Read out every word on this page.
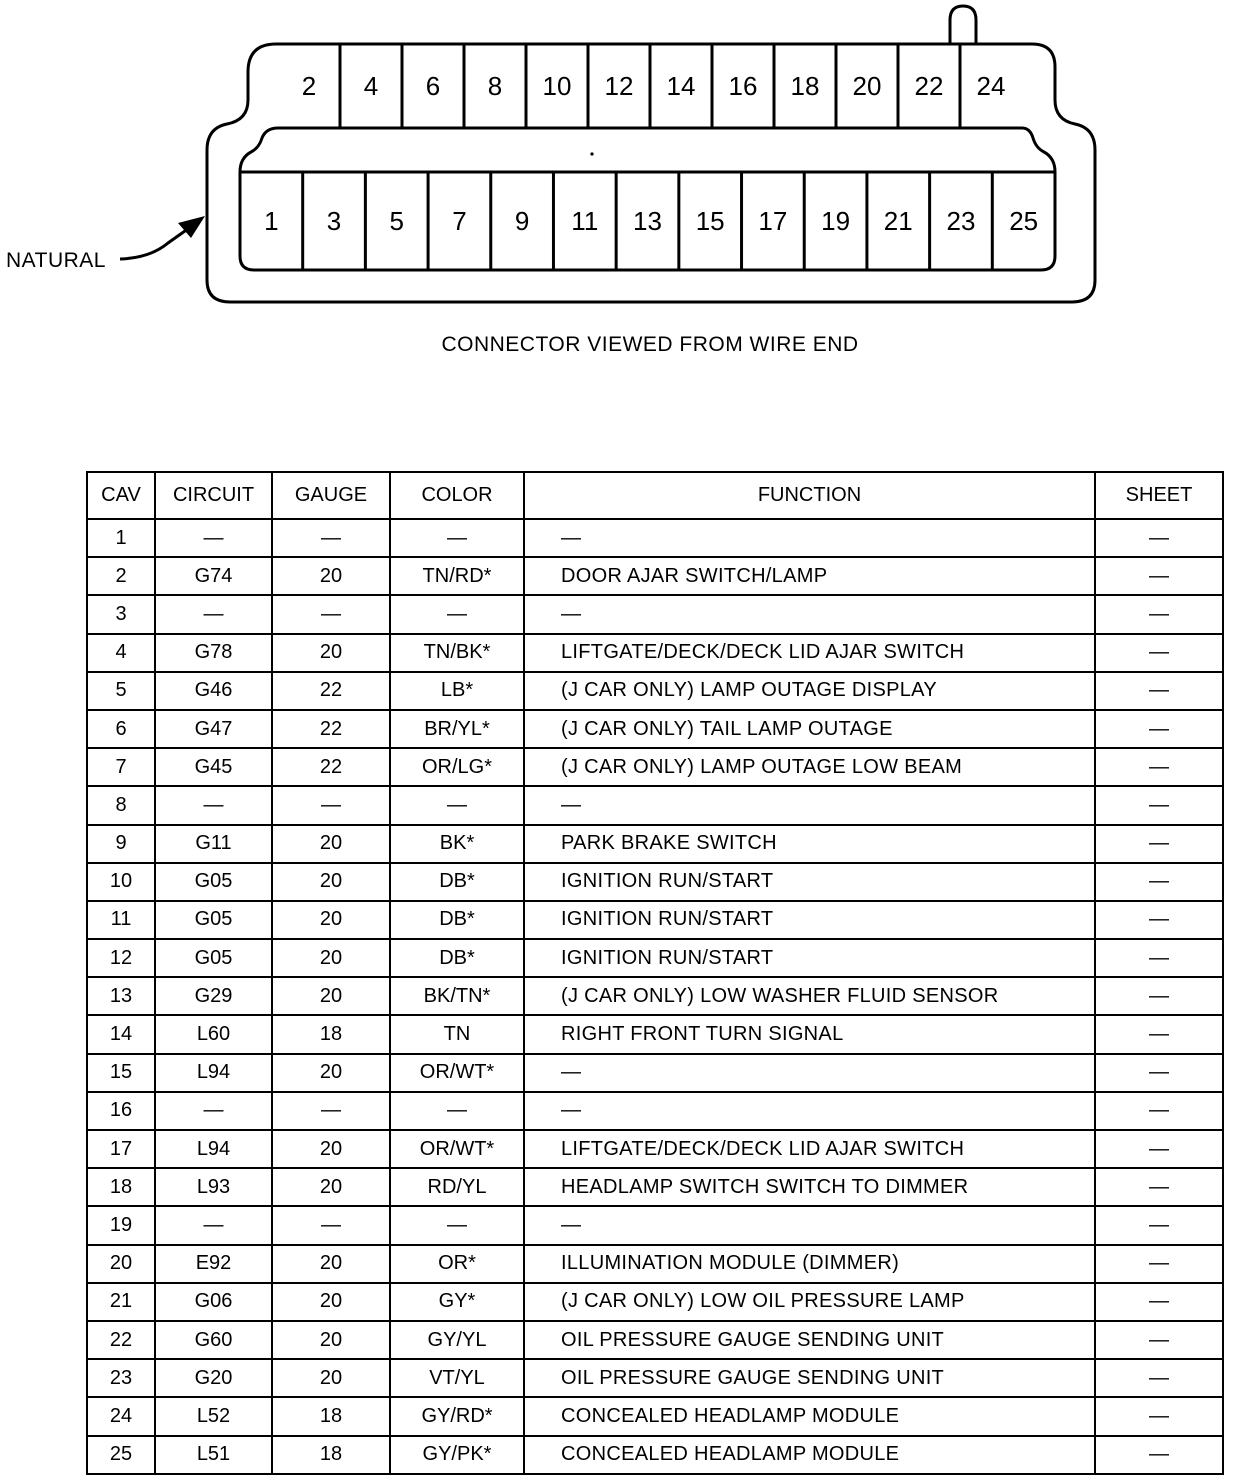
2 4 6 8 10 12 14 16 18 20 22 24
1 3 5 7 9 11 13 15 17 19 21 23 25
NATURAL
CONNECTOR VIEWED FROM WIRE END
CAV	CIRCUIT	GAUGE	COLOR	FUNCTION	SHEET
1	—	—	—	—	—
2	G74	20	TN/RD*	DOOR AJAR SWITCH/LAMP	—
3	—	—	—	—	—
4	G78	20	TN/BK*	LIFTGATE/DECK/DECK LID AJAR SWITCH	—
5	G46	22	LB*	(J CAR ONLY) LAMP OUTAGE DISPLAY	—
6	G47	22	BR/YL*	(J CAR ONLY) TAIL LAMP OUTAGE	—
7	G45	22	OR/LG*	(J CAR ONLY) LAMP OUTAGE LOW BEAM	—
8	—	—	—	—	—
9	G11	20	BK*	PARK BRAKE SWITCH	—
10	G05	20	DB*	IGNITION RUN/START	—
11	G05	20	DB*	IGNITION RUN/START	—
12	G05	20	DB*	IGNITION RUN/START	—
13	G29	20	BK/TN*	(J CAR ONLY) LOW WASHER FLUID SENSOR	—
14	L60	18	TN	RIGHT FRONT TURN SIGNAL	—
15	L94	20	OR/WT*	—	—
16	—	—	—	—	—
17	L94	20	OR/WT*	LIFTGATE/DECK/DECK LID AJAR SWITCH	—
18	L93	20	RD/YL	HEADLAMP SWITCH SWITCH TO DIMMER	—
19	—	—	—	—	—
20	E92	20	OR*	ILLUMINATION MODULE (DIMMER)	—
21	G06	20	GY*	(J CAR ONLY) LOW OIL PRESSURE LAMP	—
22	G60	20	GY/YL	OIL PRESSURE GAUGE SENDING UNIT	—
23	G20	20	VT/YL	OIL PRESSURE GAUGE SENDING UNIT	—
24	L52	18	GY/RD*	CONCEALED HEADLAMP MODULE	—
25	L51	18	GY/PK*	CONCEALED HEADLAMP MODULE	—
